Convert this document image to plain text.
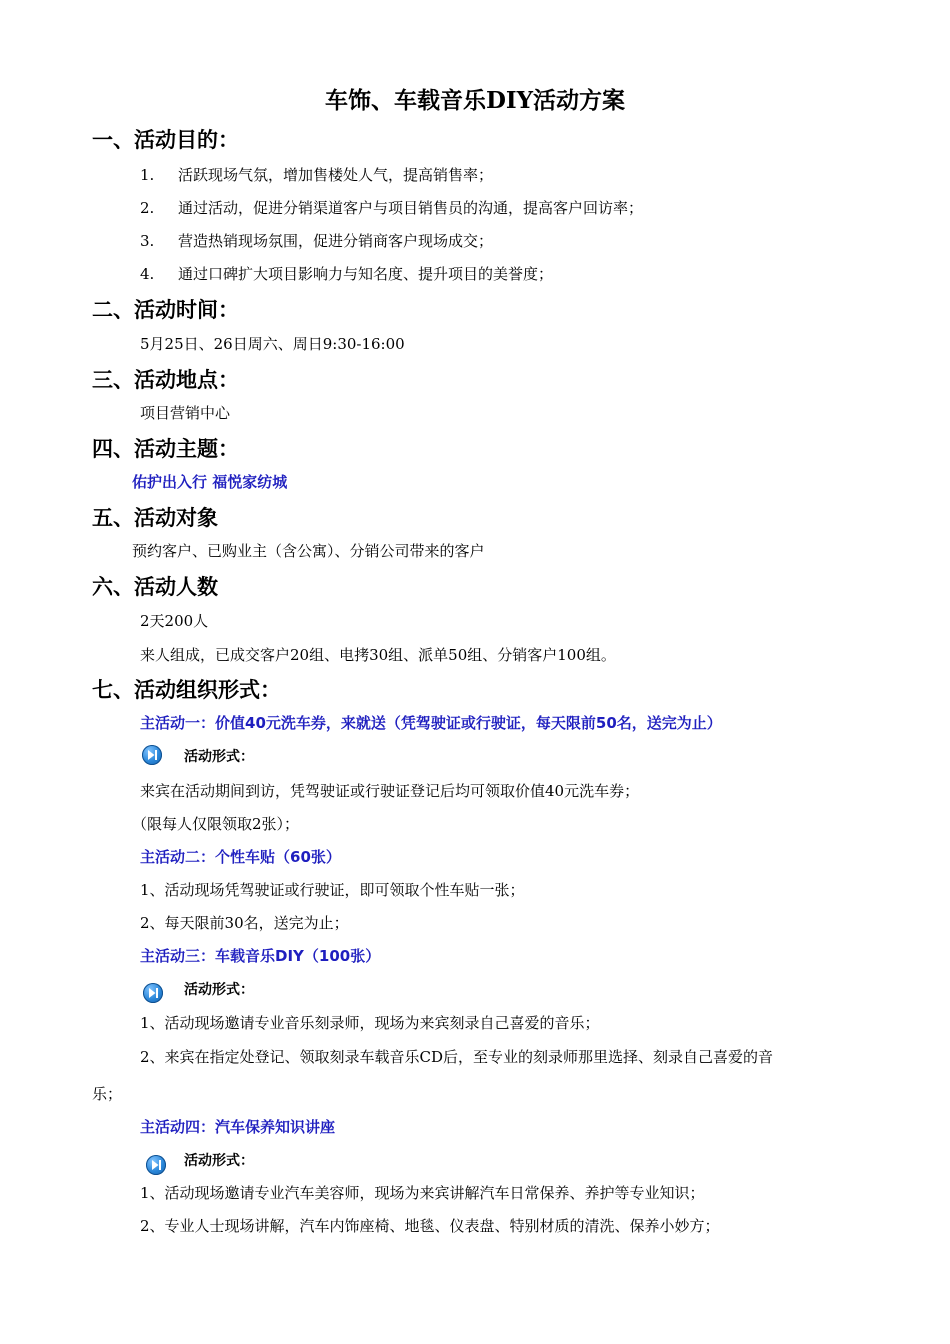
车饰、车载音乐DIY活动方案
一、活动目的：
1. 活跃现场气氛，增加售楼处人气，提高销售率；
2. 通过活动，促进分销渠道客户与项目销售员的沟通，提高客户回访率；
3. 营造热销现场氛围，促进分销商客户现场成交；
4. 通过口碑扩大项目影响力与知名度、提升项目的美誉度；
二、活动时间：
5月25日、26日周六、周日9:30-16:00
三、活动地点：
项目营销中心
四、活动主题：
佑护出入行 福悦家纺城
五、活动对象
预约客户、已购业主（含公寓）、分销公司带来的客户
六、活动人数
2天200人
来人组成，已成交客户20组、电拷30组、派单50组、分销客户100组。
七、活动组织形式：
主活动一：价值40元洗车券，来就送（凭驾驶证或行驶证，每天限前50名，送完为止）
活动形式：
来宾在活动期间到访，凭驾驶证或行驶证登记后均可领取价值40元洗车券；
（限每人仅限领取2张）；
主活动二：个性车贴（60张）
1、活动现场凭驾驶证或行驶证，即可领取个性车贴一张；
2、每天限前30名，送完为止；
主活动三：车载音乐DIY（100张）
活动形式：
1、活动现场邀请专业音乐刻录师，现场为来宾刻录自己喜爱的音乐；
2、来宾在指定处登记、领取刻录车载音乐CD后，至专业的刻录师那里选择、刻录自己喜爱的音
乐；
主活动四：汽车保养知识讲座
活动形式：
1、活动现场邀请专业汽车美容师，现场为来宾讲解汽车日常保养、养护等专业知识；
2、专业人士现场讲解，汽车内饰座椅、地毯、仪表盘、特别材质的清洗、保养小妙方；
